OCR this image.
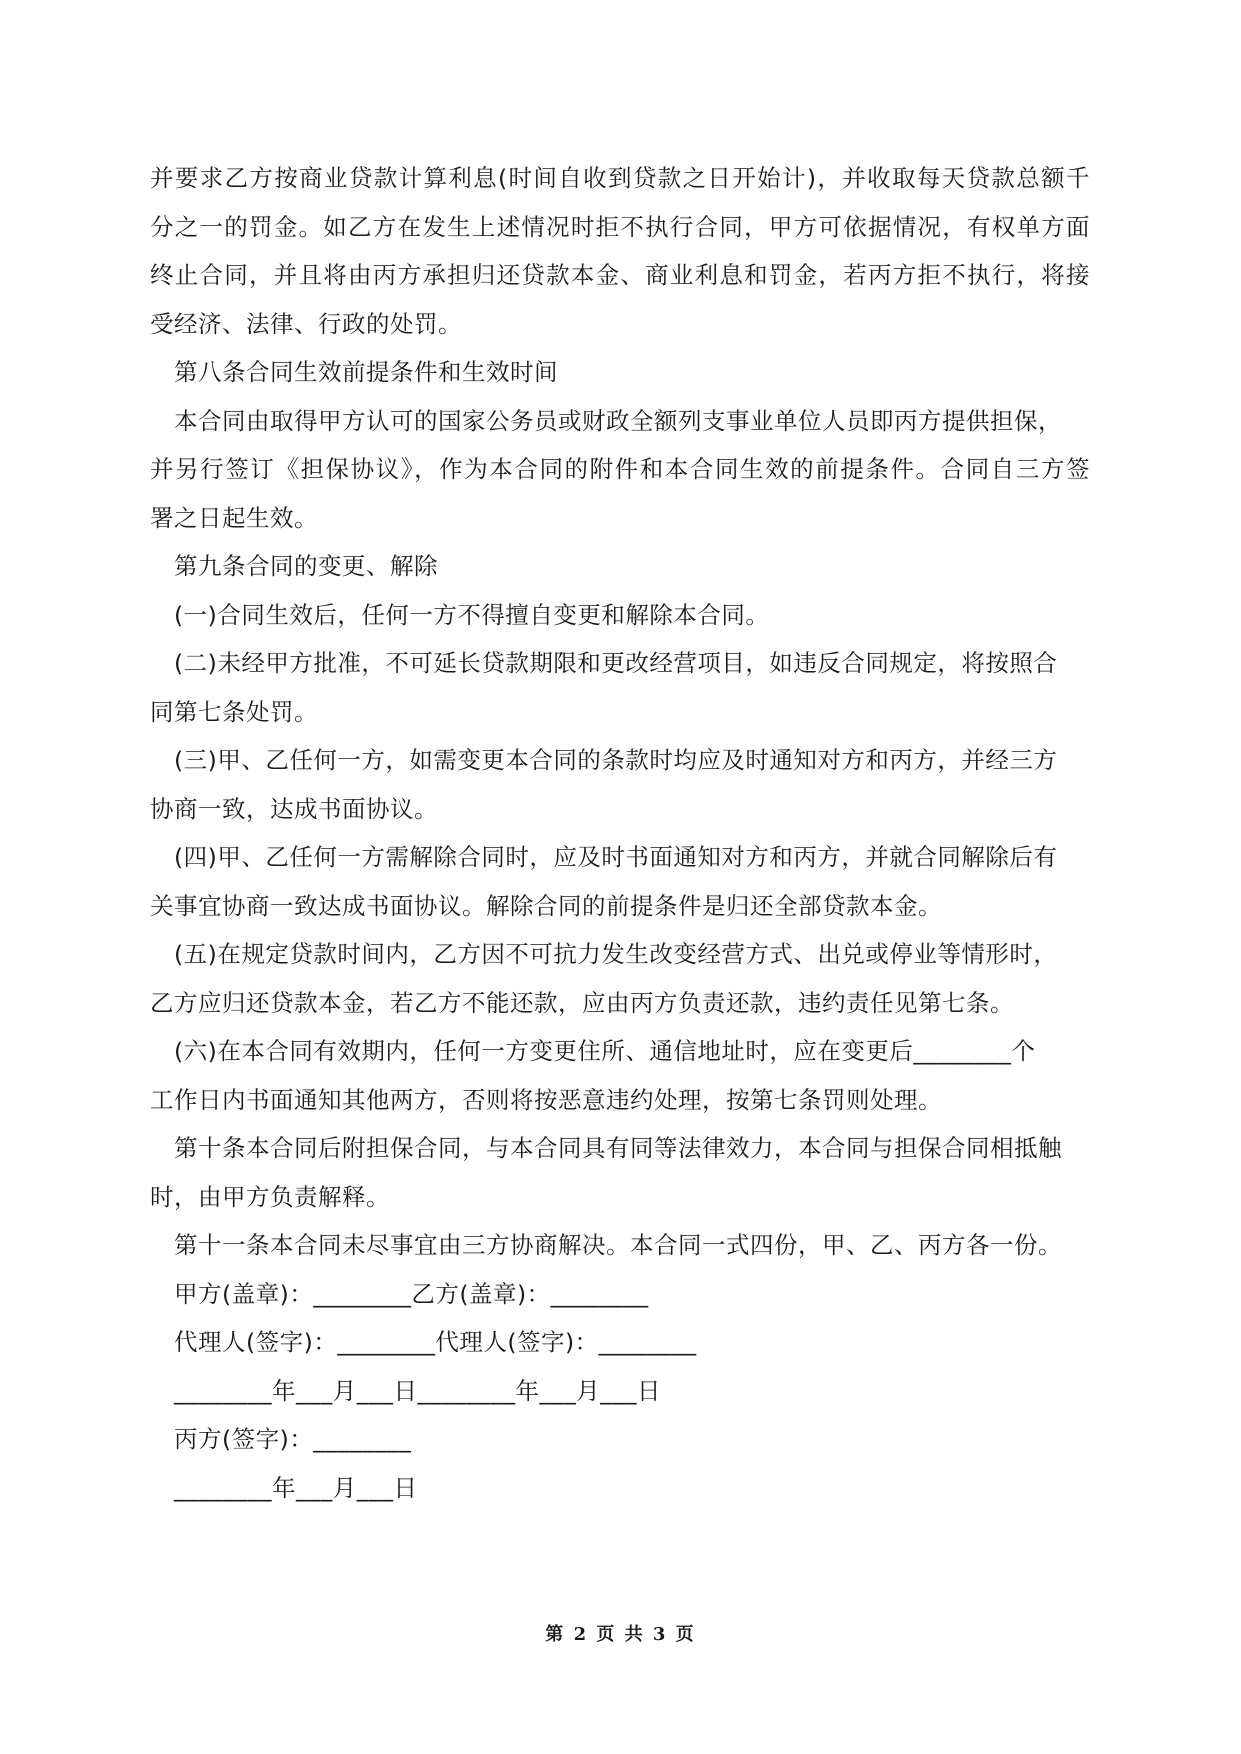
并要求乙方按商业贷款计算利息(时间自收到贷款之日开始计)，并收取每天贷款总额千
分之一的罚金。如乙方在发生上述情况时拒不执行合同，甲方可依据情况，有权单方面
终止合同，并且将由丙方承担归还贷款本金、商业利息和罚金，若丙方拒不执行，将接
受经济、法律、行政的处罚。
第八条合同生效前提条件和生效时间
本合同由取得甲方认可的国家公务员或财政全额列支事业单位人员即丙方提供担保，
并另行签订《担保协议》，作为本合同的附件和本合同生效的前提条件。合同自三方签
署之日起生效。
第九条合同的变更、解除
(一)合同生效后，任何一方不得擅自变更和解除本合同。
(二)未经甲方批准，不可延长贷款期限和更改经营项目，如违反合同规定，将按照合
同第七条处罚。
(三)甲、乙任何一方，如需变更本合同的条款时均应及时通知对方和丙方，并经三方
协商一致，达成书面协议。
(四)甲、乙任何一方需解除合同时，应及时书面通知对方和丙方，并就合同解除后有
关事宜协商一致达成书面协议。解除合同的前提条件是归还全部贷款本金。
(五)在规定贷款时间内，乙方因不可抗力发生改变经营方式、出兑或停业等情形时，
乙方应归还贷款本金，若乙方不能还款，应由丙方负责还款，违约责任见第七条。
(六)在本合同有效期内，任何一方变更住所、通信地址时，应在变更后________个
工作日内书面通知其他两方，否则将按恶意违约处理，按第七条罚则处理。
第十条本合同后附担保合同，与本合同具有同等法律效力，本合同与担保合同相抵触
时，由甲方负责解释。
第十一条本合同未尽事宜由三方协商解决。本合同一式四份，甲、乙、丙方各一份。
甲方(盖章)：________乙方(盖章)：________
代理人(签字)：________代理人(签字)：________
________年___月___日________年___月___日
丙方(签字)：________
________年___月___日
第 2 页 共 3 页
